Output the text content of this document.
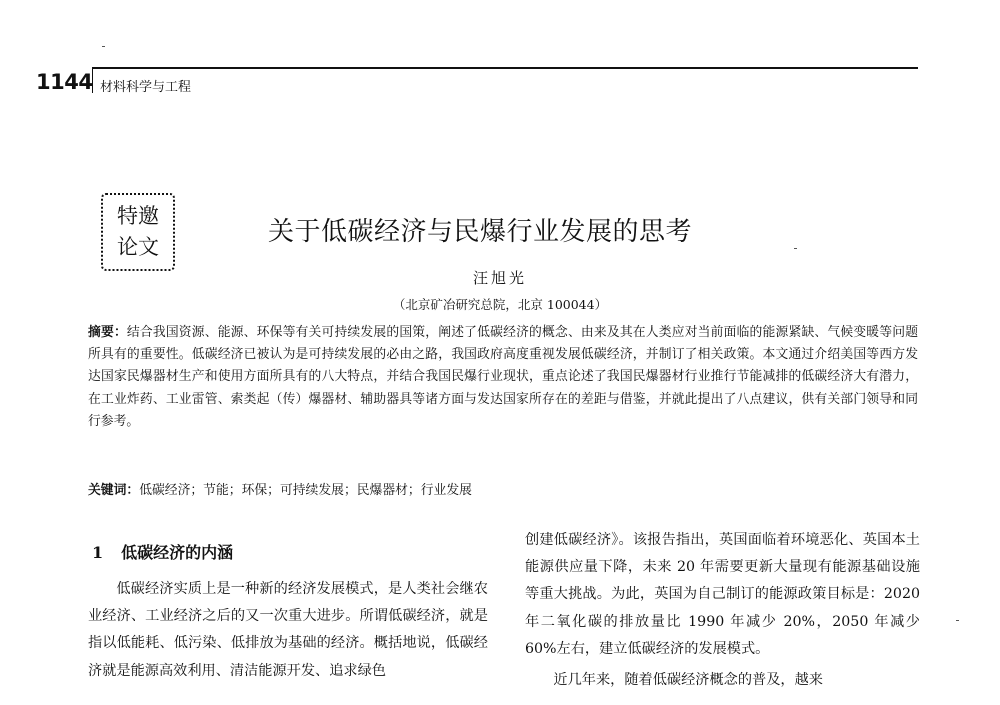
1144 材料科学与工程
特邀
论文	关于低碳经济与民爆行业发展的思考
汪旭光
（北京矿冶研究总院，北京 100044）
摘要：结合我国资源、能源、环保等有关可持续发展的国策，阐述了低碳经济的概念、由来及其在人类应对当前面临的能源紧缺、气候变暖等问题所具有的重要性。低碳经济已被认为是可持续发展的必由之路，我国政府高度重视发展低碳经济，并制订了相关政策。本文通过介绍美国等西方发达国家民爆器材生产和使用方面所具有的八大特点，并结合我国民爆行业现状，重点论述了我国民爆器材行业推行节能减排的低碳经济大有潜力，在工业炸药、工业雷管、索类起（传）爆器材、辅助器具等诸方面与发达国家所存在的差距与借鉴，并就此提出了八点建议，供有关部门领导和同行参考。
关键词：低碳经济；节能；环保；可持续发展；民爆器材；行业发展
1 低碳经济的内涵

低碳经济实质上是一种新的经济发展模式，是人类社会继农业经济、工业经济之后的又一次重大进步。所谓低碳经济，就是指以低能耗、低污染、低排放为基础的经济。概括地说，低碳经济就是能源高效利用、清洁能源开发、追求绿色

创建低碳经济》。该报告指出，英国面临着环境恶化、英国本土能源供应量下降，未来 20 年需要更新大量现有能源基础设施等重大挑战。为此，英国为自己制订的能源政策目标是：2020 年二氧化碳的排放量比 1990 年减少 20%，2050 年减少 60%左右，建立低碳经济的发展模式。

近几年来，随着低碳经济概念的普及，越来
